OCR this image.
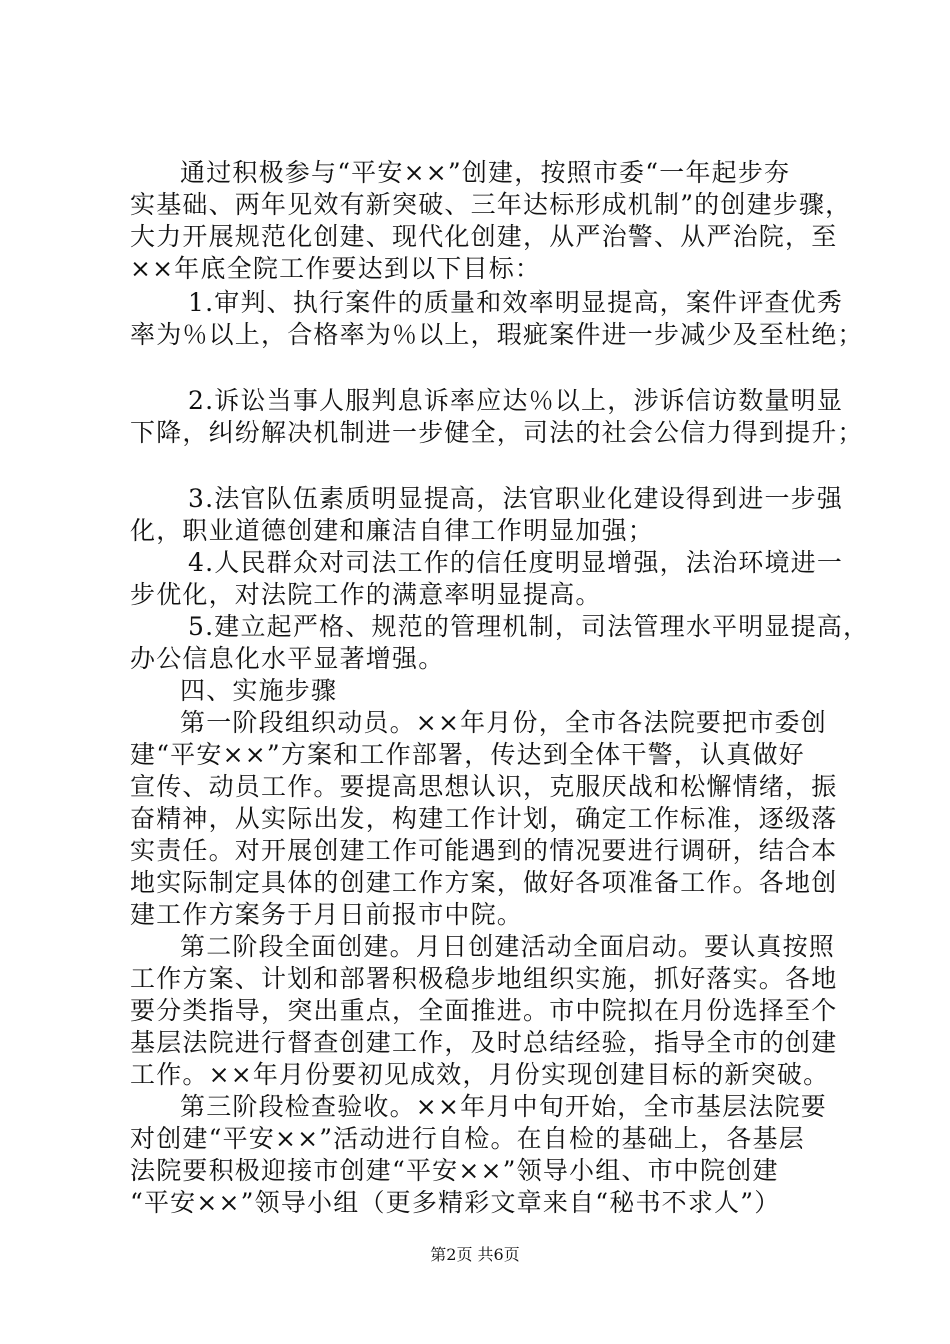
通过积极参与“平安××”创建，按照市委“一年起步夯
实基础、两年见效有新突破、三年达标形成机制”的创建步骤，
大力开展规范化创建、现代化创建，从严治警、从严治院，至
××年底全院工作要达到以下目标：
1.审判、执行案件的质量和效率明显提高，案件评查优秀
率为％以上，合格率为％以上，瑕疵案件进一步减少及至杜绝；
2.诉讼当事人服判息诉率应达％以上，涉诉信访数量明显
下降，纠纷解决机制进一步健全，司法的社会公信力得到提升；
3.法官队伍素质明显提高，法官职业化建设得到进一步强
化，职业道德创建和廉洁自律工作明显加强；
4.人民群众对司法工作的信任度明显增强，法治环境进一
步优化，对法院工作的满意率明显提高。
5.建立起严格、规范的管理机制，司法管理水平明显提高，
办公信息化水平显著增强。
四、实施步骤
第一阶段组织动员。××年月份，全市各法院要把市委创
建“平安××”方案和工作部署，传达到全体干警，认真做好
宣传、动员工作。要提高思想认识，克服厌战和松懈情绪，振
奋精神，从实际出发，构建工作计划，确定工作标准，逐级落
实责任。对开展创建工作可能遇到的情况要进行调研，结合本
地实际制定具体的创建工作方案，做好各项准备工作。各地创
建工作方案务于月日前报市中院。
第二阶段全面创建。月日创建活动全面启动。要认真按照
工作方案、计划和部署积极稳步地组织实施，抓好落实。各地
要分类指导，突出重点，全面推进。市中院拟在月份选择至个
基层法院进行督查创建工作，及时总结经验，指导全市的创建
工作。××年月份要初见成效，月份实现创建目标的新突破。
第三阶段检查验收。××年月中旬开始，全市基层法院要
对创建“平安××”活动进行自检。在自检的基础上，各基层
法院要积极迎接市创建“平安××”领导小组、市中院创建
“平安××”领导小组（更多精彩文章来自“秘书不求人”）
第2页 共6页
